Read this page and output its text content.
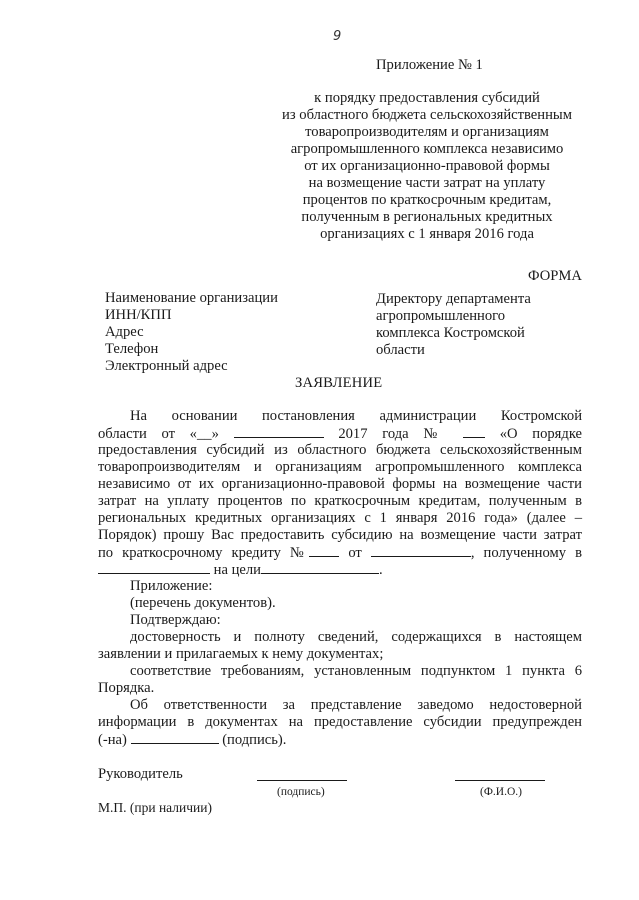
9
Приложение № 1
к порядку предоставления субсидий
из областного бюджета сельскохозяйственным
товаропроизводителям и организациям
агропромышленного комплекса независимо
от их организационно-правовой формы
на возмещение части затрат на уплату
процентов по краткосрочным кредитам,
полученным в региональных кредитных
организациях с 1 января 2016 года
ФОРМА
Наименование организации
ИНН/КПП
Адрес
Телефон
Электронный адрес
Директору департамента
агропромышленного
комплекса Костромской
области
ЗАЯВЛЕНИЕ
На основании постановления администрации Костромской
области от «__»	2017 года №	«О порядке
предоставления субсидий из областного бюджета сельскохозяйственным
товаропроизводителям и организациям агропромышленного комплекса
независимо от их организационно-правовой формы на возмещение части
затрат на уплату процентов по краткосрочным кредитам, полученным в
региональных кредитных организациях с 1 января 2016 года» (далее –
Порядок) прошу Вас предоставить субсидию на возмещение части затрат
по краткосрочному кредиту №	от	, полученному в
на цели	.
Приложение:
(перечень документов).
Подтверждаю:
достоверность и полноту сведений, содержащихся в настоящем
заявлении и прилагаемых к нему документах;
соответствие требованиям, установленным подпунктом 1 пункта 6
Порядка.
Об ответственности за представление заведомо недостоверной
информации в документах на предоставление субсидии предупрежден
(-на)	(подпись).
Руководитель
(подпись)	(Ф.И.О.)
М.П. (при наличии)
